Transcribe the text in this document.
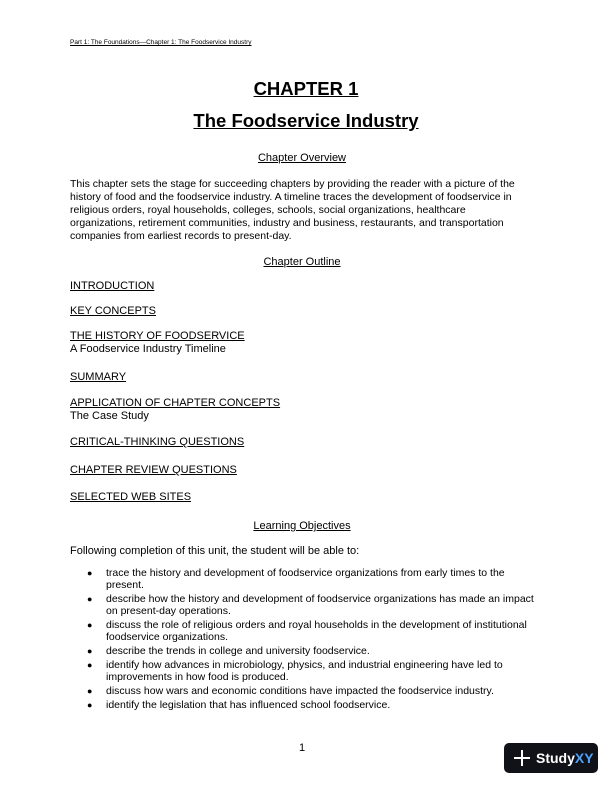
Part 1: The Foundations—Chapter 1: The Foodservice Industry
CHAPTER 1
The Foodservice Industry
Chapter Overview
This chapter sets the stage for succeeding chapters by providing the reader with a picture of the history of food and the foodservice industry. A timeline traces the development of foodservice in religious orders, royal households, colleges, schools, social organizations, healthcare organizations, retirement communities, industry and business, restaurants, and transportation companies from earliest records to present-day.
Chapter Outline
INTRODUCTION
KEY CONCEPTS
THE HISTORY OF FOODSERVICE
A Foodservice Industry Timeline
SUMMARY
APPLICATION OF CHAPTER CONCEPTS
The Case Study
CRITICAL-THINKING QUESTIONS
CHAPTER REVIEW QUESTIONS
SELECTED WEB SITES
Learning Objectives
Following completion of this unit, the student will be able to:
● trace the history and development of foodservice organizations from early times to the present.
● describe how the history and development of foodservice organizations has made an impact on present-day operations.
● discuss the role of religious orders and royal households in the development of institutional foodservice organizations.
● describe the trends in college and university foodservice.
● identify how advances in microbiology, physics, and industrial engineering have led to improvements in how food is produced.
● discuss how wars and economic conditions have impacted the foodservice industry.
● identify the legislation that has influenced school foodservice.
1
Study XY
